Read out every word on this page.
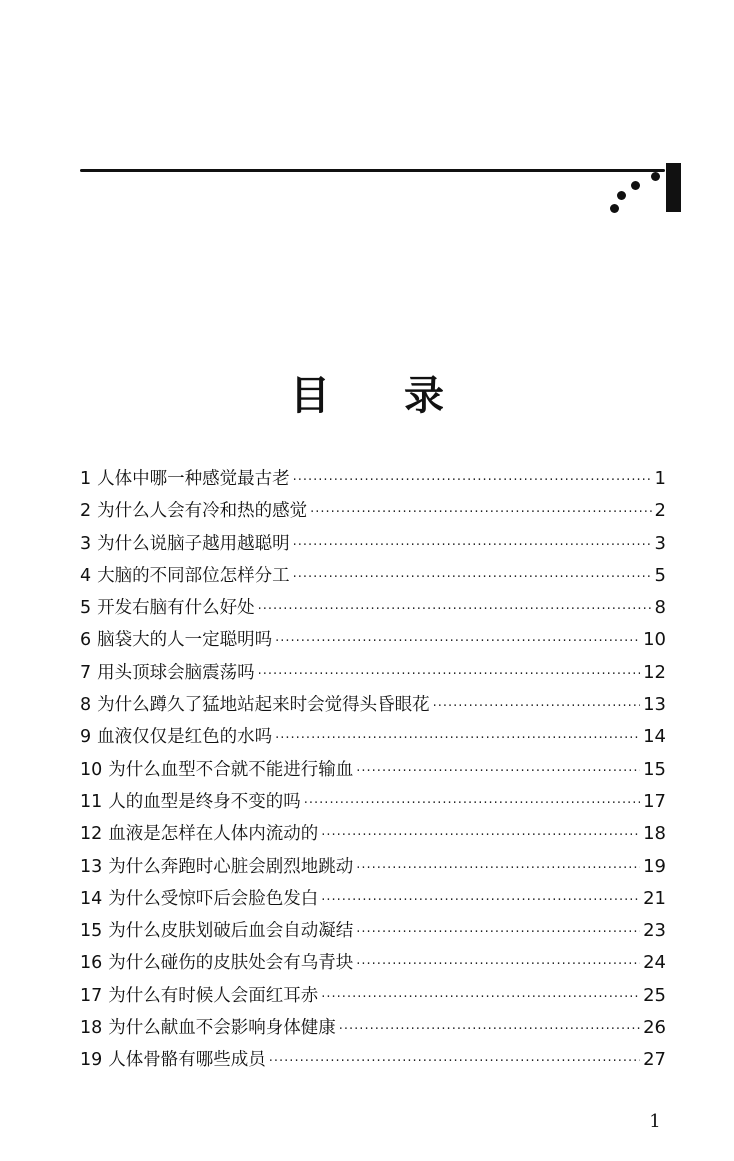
目 录
1 人体中哪一种感觉最古老 ·····	1
2 为什么人会有冷和热的感觉 ·····	2
3 为什么说脑子越用越聪明 ·····	3
4 大脑的不同部位怎样分工 ·····	5
5 开发右脑有什么好处 ·····	8
6 脑袋大的人一定聪明吗 ·····	10
7 用头顶球会脑震荡吗 ·····	12
8 为什么蹲久了猛地站起来时会觉得头昏眼花 ·····	13
9 血液仅仅是红色的水吗 ·····	14
10 为什么血型不合就不能进行输血 ·····	15
11 人的血型是终身不变的吗 ·····	17
12 血液是怎样在人体内流动的 ·····	18
13 为什么奔跑时心脏会剧烈地跳动 ·····	19
14 为什么受惊吓后会脸色发白 ·····	21
15 为什么皮肤划破后血会自动凝结 ·····	23
16 为什么碰伤的皮肤处会有乌青块 ·····	24
17 为什么有时候人会面红耳赤 ·····	25
18 为什么献血不会影响身体健康 ·····	26
19 人体骨骼有哪些成员 ·····	27
1
